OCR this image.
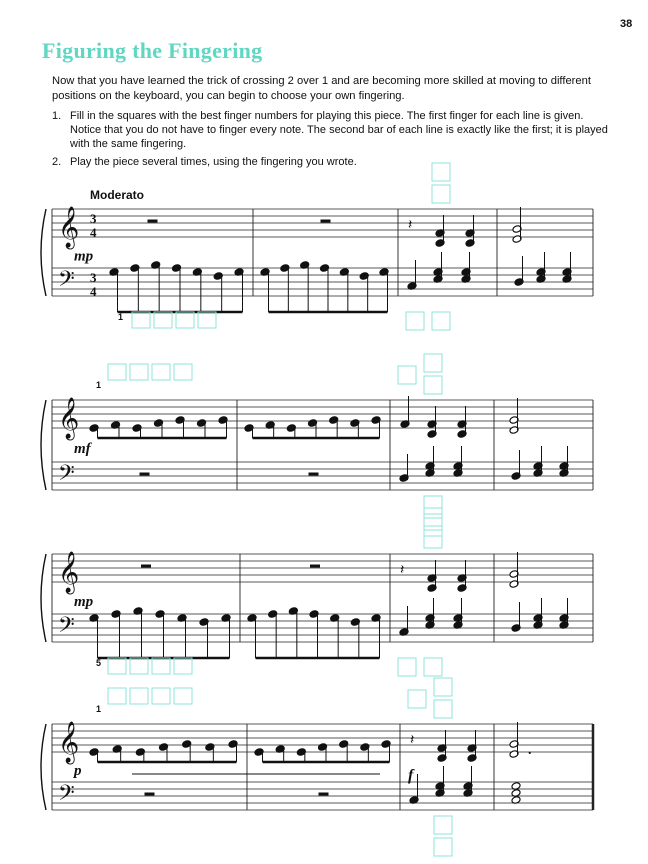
38
Figuring the Fingering
Now that you have learned the trick of crossing 2 over 1 and are becoming more skilled at moving to different positions on the keyboard, you can begin to choose your own fingering.
1. Fill in the squares with the best finger numbers for playing this piece. The first finger for each line is given. Notice that you do not have to finger every note. The second bar of each line is exactly like the first; it is played with the same fingering.
2. Play the piece several times, using the fingering you wrote.
Moderato
𝄞
𝄢
3
4
3
4
mp
1
𝄽
𝄞
𝄢
mf
1
𝄞
𝄢
mp
5
𝄽
𝄞
𝄢
p
1
𝄽
.
f
